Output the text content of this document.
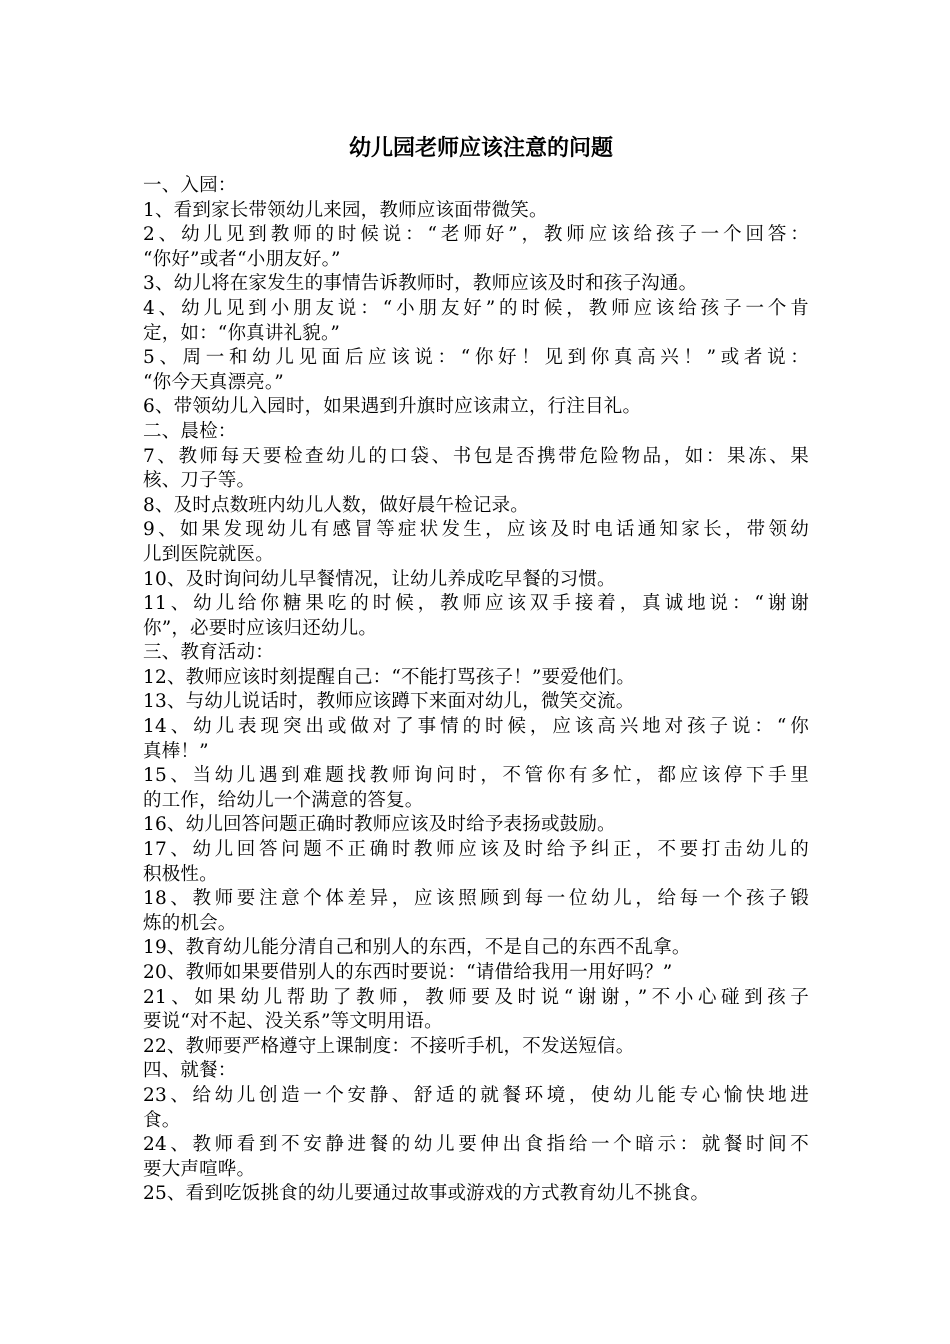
幼儿园老师应该注意的问题

一、入园：

1、看到家长带领幼儿来园，教师应该面带微笑。

2、幼儿见到教师的时候说：“老师好”，教师应该给孩子一个回答：

“你好”或者“小朋友好。”

3、幼儿将在家发生的事情告诉教师时，教师应该及时和孩子沟通。

4、幼儿见到小朋友说：“小朋友好”的时候，教师应该给孩子一个肯

定，如：“你真讲礼貌。”

5、周一和幼儿见面后应该说：“你好！见到你真高兴！”或者说：

“你今天真漂亮。”

6、带领幼儿入园时，如果遇到升旗时应该肃立，行注目礼。

二、晨检：

7、教师每天要检查幼儿的口袋、书包是否携带危险物品，如：果冻、果

核、刀子等。

8、及时点数班内幼儿人数，做好晨午检记录。

9、如果发现幼儿有感冒等症状发生，应该及时电话通知家长，带领幼

儿到医院就医。

10、及时询问幼儿早餐情况，让幼儿养成吃早餐的习惯。

11、幼儿给你糖果吃的时候，教师应该双手接着，真诚地说：“谢谢

你”，必要时应该归还幼儿。

三、教育活动：

12、教师应该时刻提醒自己：“不能打骂孩子！”要爱他们。

13、与幼儿说话时，教师应该蹲下来面对幼儿，微笑交流。

14、幼儿表现突出或做对了事情的时候，应该高兴地对孩子说：“你

真棒！”

15、当幼儿遇到难题找教师询问时，不管你有多忙，都应该停下手里

的工作，给幼儿一个满意的答复。

16、幼儿回答问题正确时教师应该及时给予表扬或鼓励。

17、幼儿回答问题不正确时教师应该及时给予纠正，不要打击幼儿的

积极性。

18、教师要注意个体差异，应该照顾到每一位幼儿，给每一个孩子锻

炼的机会。

19、教育幼儿能分清自己和别人的东西，不是自己的东西不乱拿。

20、教师如果要借别人的东西时要说：“请借给我用一用好吗？”

21、如果幼儿帮助了教师，教师要及时说“谢谢，”不小心碰到孩子

要说“对不起、没关系”等文明用语。

22、教师要严格遵守上课制度：不接听手机，不发送短信。

四、就餐：

23、给幼儿创造一个安静、舒适的就餐环境，使幼儿能专心愉快地进

食。

24、教师看到不安静进餐的幼儿要伸出食指给一个暗示：就餐时间不

要大声喧哗。

25、看到吃饭挑食的幼儿要通过故事或游戏的方式教育幼儿不挑食。
